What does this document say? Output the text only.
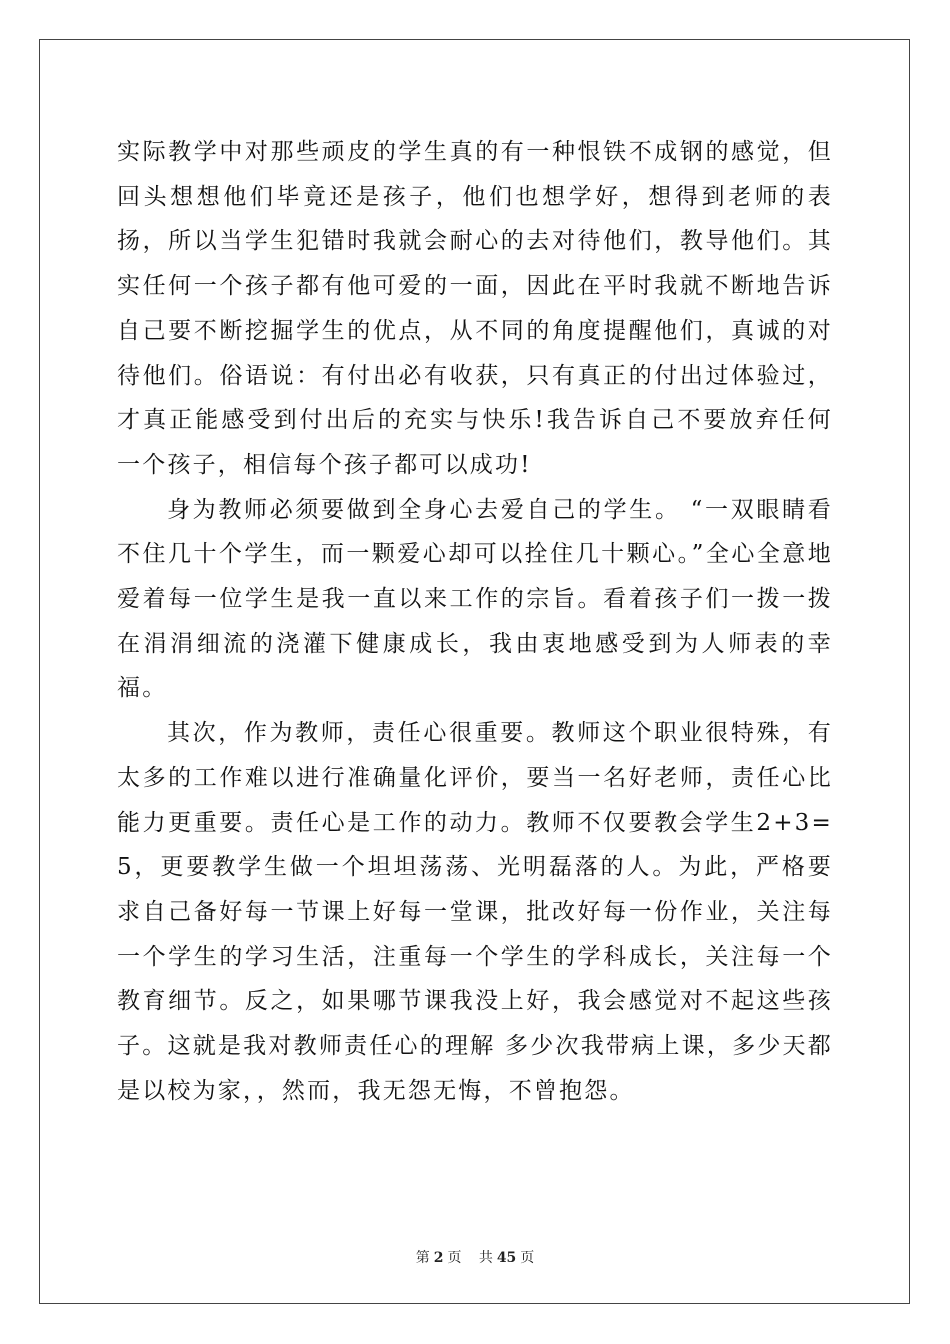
实际教学中对那些顽皮的学生真的有一种恨铁不成钢的感觉，但回头想想他们毕竟还是孩子，他们也想学好，想得到老师的表扬，所以当学生犯错时我就会耐心的去对待他们，教导他们。其实任何一个孩子都有他可爱的一面，因此在平时我就不断地告诉自己要不断挖掘学生的优点，从不同的角度提醒他们，真诚的对待他们。俗语说：有付出必有收获，只有真正的付出过体验过，才真正能感受到付出后的充实与快乐!我告诉自己不要放弃任何一个孩子，相信每个孩子都可以成功!

身为教师必须要做到全身心去爱自己的学生。 “一双眼睛看不住几十个学生，而一颗爱心却可以拴住几十颗心。”全心全意地爱着每一位学生是我一直以来工作的宗旨。看着孩子们一拨一拨在涓涓细流的浇灌下健康成长，我由衷地感受到为人师表的幸福。

其次，作为教师，责任心很重要。教师这个职业很特殊，有太多的工作难以进行准确量化评价，要当一名好老师，责任心比能力更重要。责任心是工作的动力。教师不仅要教会学生2+3=5，更要教学生做一个坦坦荡荡、光明磊落的人。为此，严格要求自己备好每一节课上好每一堂课，批改好每一份作业，关注每一个学生的学习生活，注重每一个学生的学科成长，关注每一个教育细节。反之，如果哪节课我没上好，我会感觉对不起这些孩子。这就是我对教师责任心的理解 多少次我带病上课，多少天都是以校为家，，然而，我无怨无悔，不曾抱怨。

第 2 页 共 45 页
